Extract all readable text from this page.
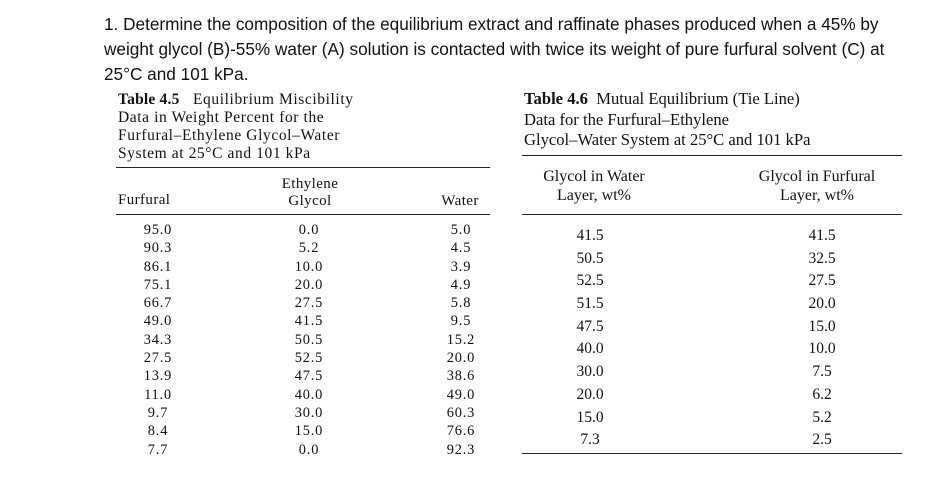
1. Determine the composition of the equilibrium extract and raffinate phases produced when a 45% by weight glycol (B)-55% water (A) solution is contacted with twice its weight of pure furfural solvent (C) at 25°C and 101 kPa.

Table 4.5 Equilibrium Miscibility
Data in Weight Percent for the
Furfural–Ethylene Glycol–Water
System at 25°C and 101 kPa
Furfural
Ethylene
Glycol	Water
95.0
90.3
86.1
75.1
66.7
49.0
34.3
27.5
13.9
11.0
9.7
8.4
7.7
0.0
5.2
10.0
20.0
27.5
41.5
50.5
52.5
47.5
40.0
30.0
15.0
0.0
5.0
4.5
3.9
4.9
5.8
9.5
15.2
20.0
38.6
49.0
60.3
76.6
92.3
Table 4.6 Mutual Equilibrium (Tie Line)
Data for the Furfural–Ethylene
Glycol–Water System at 25°C and 101 kPa
Glycol in Water
Layer, wt%
Glycol in Furfural
Layer, wt%
41.5
50.5
52.5
51.5
47.5
40.0
30.0
20.0
15.0
7.3
41.5
32.5
27.5
20.0
15.0
10.0
7.5
6.2
5.2
2.5
